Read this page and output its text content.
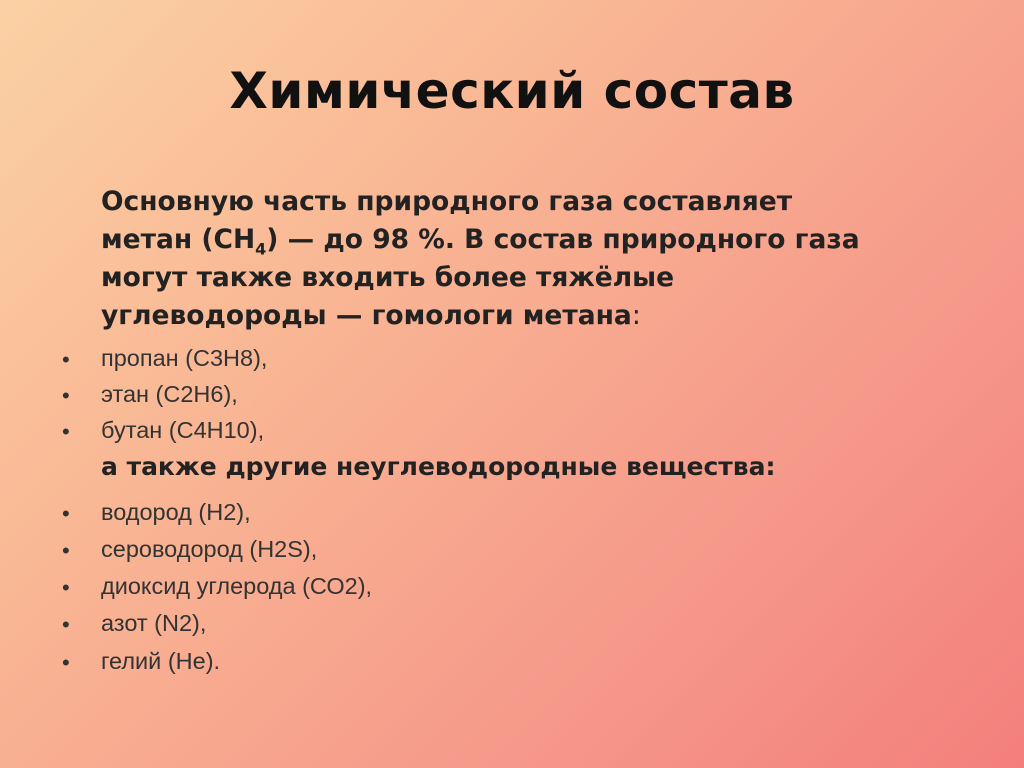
Химический состав
Основную часть природного газа составляет
метан $(CH_4)$ — до 98 %. В состав природного газа
могут также входить более тяжёлые
углеводороды — гомологи метана:
• пропан (C3H8),
• этан (C2H6),
• бутан (C4H10),
а также другие неуглеводородные вещества:
• водород (H2),
• сероводород (H2S),
• диоксид углерода (СО2),
• азот (N2),
• гелий (Не).
